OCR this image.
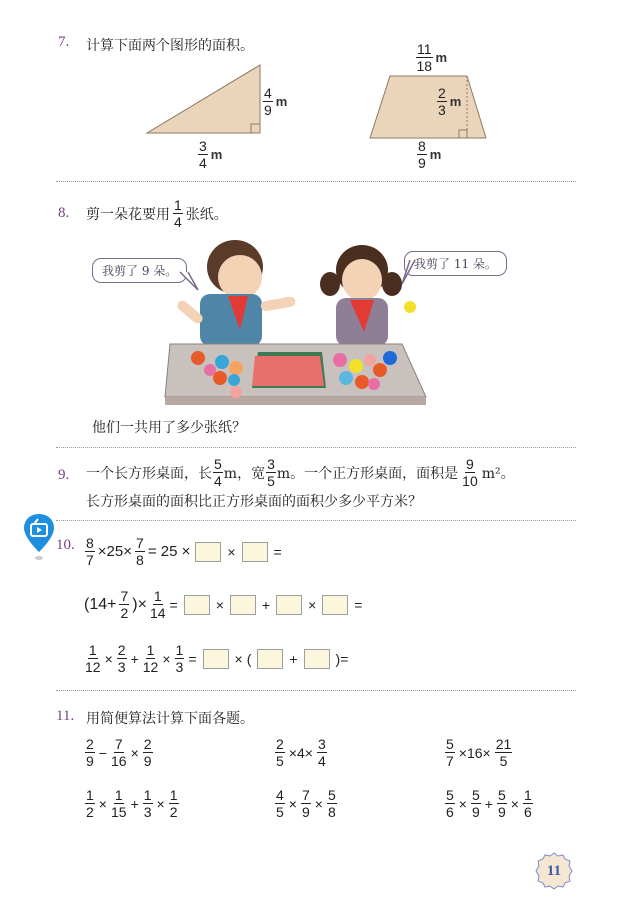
7. 计算下面两个图形的面积。
$\frac{4}{9}$ m
$\frac{3}{4}$ m
$\frac{11}{18}$ m
$\frac{2}{3}$ m
$\frac{8}{9}$ m
8. 剪一朵花要用 $\frac{1}{4}$ 张纸。
我剪了 9 朵。	我剪了 11 朵。
他们一共用了多少张纸？
9. 一个长方形桌面，长 $\frac{5}{4}$ m，宽 $\frac{3}{5}$ m。一个正方形桌面，面积是 $\frac{9}{10} m^2$。
长方形桌面的面积比正方形桌面的面积少多少平方米？
10. $\frac{8}{7} \times 25\times \frac{7}{8} = 25$ ×	×	=
($14+ \frac{7}{2}$ )× $\frac{1}{14}$ =	×	+	×	=
$\frac{1}{12} \times \frac{2}{3} + \frac{1}{12} \times \frac{1}{3}$ =	× (	+	)=
11. 用简便算法计算下面各题。
$\frac{2}{9} - \frac{7}{16} \times \frac{2}{9}$	$\frac{2}{5} \times 4\times \frac{3}{4}$	$\frac{5}{7} \times 16\times \frac{21}{5}$
$\frac{1}{2} \times \frac{1}{15} + \frac{1}{3} \times \frac{1}{2}$	$\frac{4}{5} \times \frac{7}{9} \times \frac{5}{8}$	$\frac{5}{6} \times \frac{5}{9} + \frac{5}{9} \times \frac{1}{6}$
11
